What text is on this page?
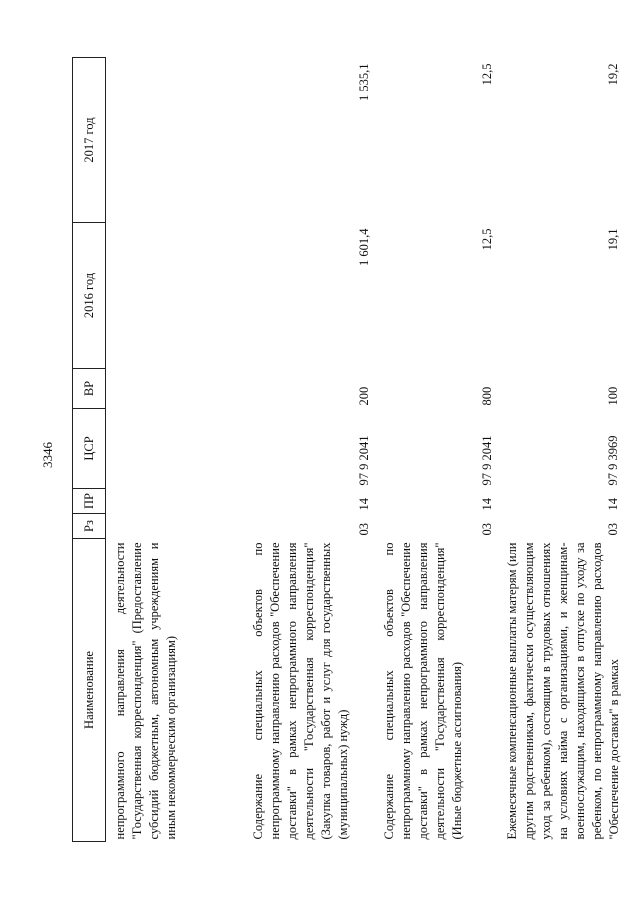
3346
Наименование	Рз	ПР	ЦСР	ВР	2016 год	2017 год
непрограммного направления деятельности "Государственная корреспонденция" (Предоставление субсидий бюджетным, автономным учреждениям и иным некоммерческим организациям)						
Содержание специальных объектов по непрограммному направлению расходов "Обеспечение доставки" в рамках непрограммного направления деятельности "Государственная корреспонденция" (Закупка товаров, работ и услуг для государственных (муниципальных) нужд)	03	14	97 9 2041	200	1 601,4	1 535,1
Содержание специальных объектов по непрограммному направлению расходов "Обеспечение доставки" в рамках непрограммного направления деятельности "Государственная корреспонденция" (Иные бюджетные ассигнования)	03	14	97 9 2041	800	12,5	12,5
Ежемесячные компенсационные выплаты матерям (или другим родственникам, фактически осуществляющим уход за ребенком), состоящим в трудовых отношениях на условиях найма с организациями, и женщинам-военнослужащим, находящимся в отпуске по уходу за ребенком, по непрограммному направлению расходов "Обеспечение доставки" в рамках	03	14	97 9 3969	100	19,1	19,2
